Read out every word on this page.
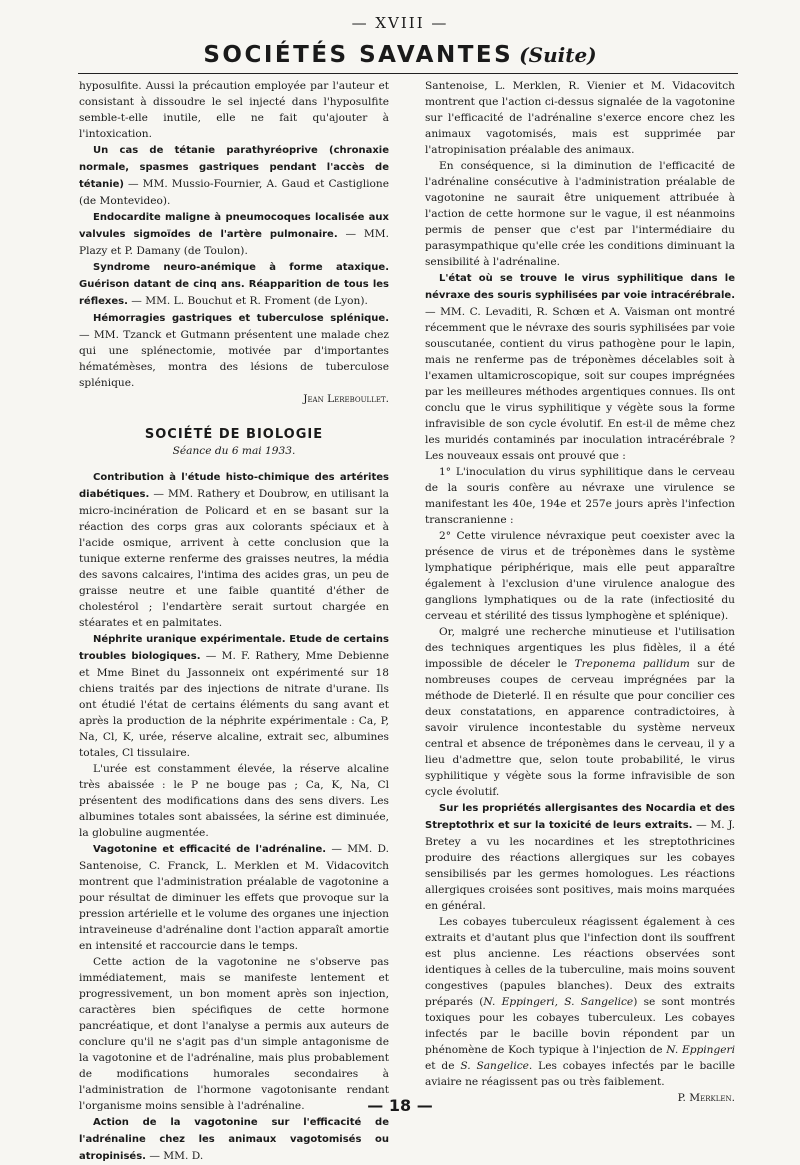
— XVIII —
SOCIÉTÉS SAVANTES (Suite)

hyposulfite. Aussi la précaution employée par l'auteur et consistant à dissoudre le sel injecté dans l'hyposulfite semble-t-elle inutile, elle ne fait qu'ajouter à l'intoxication.

Un cas de tétanie parathyréoprive (chronaxie normale, spasmes gastriques pendant l'accès de tétanie) — MM. Mussio-Fournier, A. Gaud et Castiglione (de Montevideo).

Endocardite maligne à pneumocoques localisée aux valvules sigmoïdes de l'artère pulmonaire. — MM. Plazy et P. Damany (de Toulon).

Syndrome neuro-anémique à forme ataxique. Guérison datant de cinq ans. Réapparition de tous les réflexes. — MM. L. Bouchut et R. Froment (de Lyon).

Hémorragies gastriques et tuberculose splénique. — MM. Tzanck et Gutmann présentent une malade chez qui une splénectomie, motivée par d'importantes hématémèses, montra des lésions de tuberculose splénique.

Jean Lereboullet.

SOCIÉTÉ DE BIOLOGIE
Séance du 6 mai 1933.

Contribution à l'étude histo-chimique des artérites diabétiques. — MM. Rathery et Doubrow, en utilisant la micro-incinération de Policard et en se basant sur la réaction des corps gras aux colorants spéciaux et à l'acide osmique, arrivent à cette conclusion que la tunique externe renferme des graisses neutres, la média des savons calcaires, l'intima des acides gras, un peu de graisse neutre et une faible quantité d'éther de cholestérol ; l'endartère serait surtout chargée en stéarates et en palmitates.

Néphrite uranique expérimentale. Etude de certains troubles biologiques. — M. F. Rathery, Mme Debienne et Mme Binet du Jassonneix ont expérimenté sur 18 chiens traités par des injections de nitrate d'urane. Ils ont étudié l'état de certains éléments du sang avant et après la production de la néphrite expérimentale : Ca, P, Na, Cl, K, urée, réserve alcaline, extrait sec, albumines totales, Cl tissulaire.

L'urée est constamment élevée, la réserve alcaline très abaissée : le P ne bouge pas ; Ca, K, Na, Cl présentent des modifications dans des sens divers. Les albumines totales sont abaissées, la sérine est diminuée, la globuline augmentée.

Vagotonine et efficacité de l'adrénaline. — MM. D. Santenoise, C. Franck, L. Merklen et M. Vidacovitch montrent que l'administration préalable de vagotonine a pour résultat de diminuer les effets que provoque sur la pression artérielle et le volume des organes une injection intraveineuse d'adrénaline dont l'action apparaît amortie en intensité et raccourcie dans le temps.

Cette action de la vagotonine ne s'observe pas immédiatement, mais se manifeste lentement et progressivement, un bon moment après son injection, caractères bien spécifiques de cette hormone pancréatique, et dont l'analyse a permis aux auteurs de conclure qu'il ne s'agit pas d'un simple antagonisme de la vagotonine et de l'adrénaline, mais plus probablement de modifications humorales secondaires à l'administration de l'hormone vagotonisante rendant l'organisme moins sensible à l'adrénaline.

Action de la vagotonine sur l'efficacité de l'adrénaline chez les animaux vagotomisés ou atropinisés. — MM. D.

Santenoise, L. Merklen, R. Vienier et M. Vidacovitch montrent que l'action ci-dessus signalée de la vagotonine sur l'efficacité de l'adrénaline s'exerce encore chez les animaux vagotomisés, mais est supprimée par l'atropinisation préalable des animaux.

En conséquence, si la diminution de l'efficacité de l'adrénaline consécutive à l'administration préalable de vagotonine ne saurait être uniquement attribuée à l'action de cette hormone sur le vague, il est néanmoins permis de penser que c'est par l'intermédiaire du parasympathique qu'elle crée les conditions diminuant la sensibilité à l'adrénaline.

L'état où se trouve le virus syphilitique dans le névraxe des souris syphilisées par voie intracérébrale. — MM. C. Levaditi, R. Schœn et A. Vaisman ont montré récemment que le névraxe des souris syphilisées par voie souscutanée, contient du virus pathogène pour le lapin, mais ne renferme pas de tréponèmes décelables soit à l'examen ultamicroscopique, soit sur coupes imprégnées par les meilleures méthodes argentiques connues. Ils ont conclu que le virus syphilitique y végète sous la forme infravisible de son cycle évolutif. En est-il de même chez les muridés contaminés par inoculation intracérébrale ? Les nouveaux essais ont prouvé que :

1° L'inoculation du virus syphilitique dans le cerveau de la souris confère au névraxe une virulence se manifestant les 40e, 194e et 257e jours après l'infection transcranienne :

2° Cette virulence névraxique peut coexister avec la présence de virus et de tréponèmes dans le système lymphatique périphérique, mais elle peut apparaître également à l'exclusion d'une virulence analogue des ganglions lymphatiques ou de la rate (infectiosité du cerveau et stérilité des tissus lymphogène et splénique).

Or, malgré une recherche minutieuse et l'utilisation des techniques argentiques les plus fidèles, il a été impossible de déceler le Treponema pallidum sur de nombreuses coupes de cerveau imprégnées par la méthode de Dieterlé. Il en résulte que pour concilier ces deux constatations, en apparence contradictoires, à savoir virulence incontestable du système nerveux central et absence de tréponèmes dans le cerveau, il y a lieu d'admettre que, selon toute probabilité, le virus syphilitique y végète sous la forme infravisible de son cycle évolutif.

Sur les propriétés allergisantes des Nocardia et des Streptothrix et sur la toxicité de leurs extraits. — M. J. Bretey a vu les nocardines et les streptothricines produire des réactions allergiques sur les cobayes sensibilisés par les germes homologues. Les réactions allergiques croisées sont positives, mais moins marquées en général.

Les cobayes tuberculeux réagissent également à ces extraits et d'autant plus que l'infection dont ils souffrent est plus ancienne. Les réactions observées sont identiques à celles de la tuberculine, mais moins souvent congestives (papules blanches). Deux des extraits préparés (N. Eppingeri, S. Sangelice) se sont montrés toxiques pour les cobayes tuberculeux. Les cobayes infectés par le bacille bovin répondent par un phénomène de Koch typique à l'injection de N. Eppingeri et de S. Sangelice. Les cobayes infectés par le bacille aviaire ne réagissent pas ou très faiblement.

P. Merklen.

— 18 —
